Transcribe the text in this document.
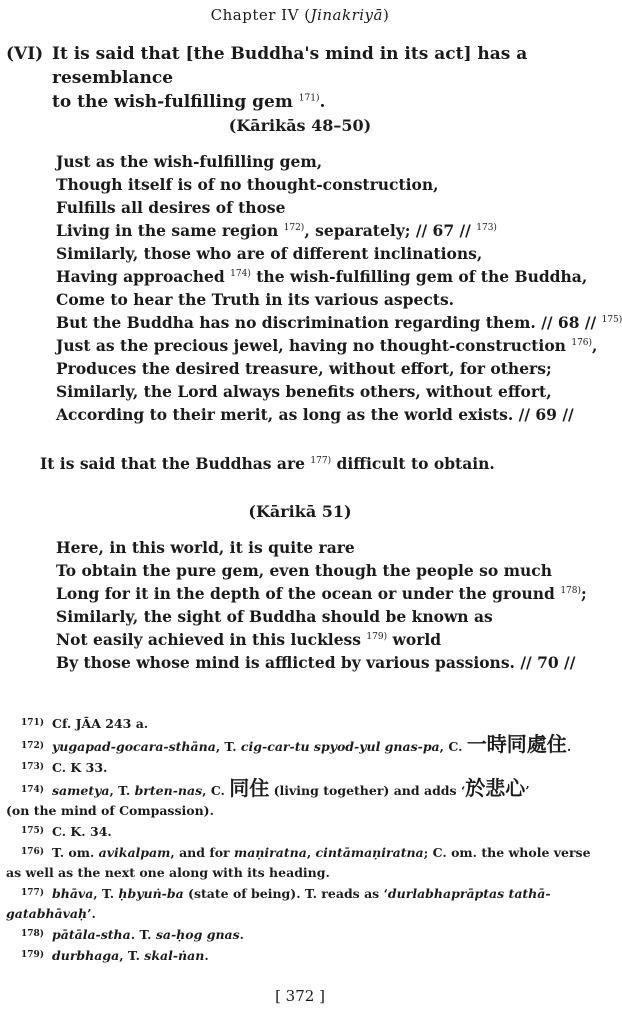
Chapter IV (Jinakriyā)
(VI) It is said that [the Buddha's mind in its act] has a resemblance
to the wish-fulfilling gem $^{171)}$.
(Kārikās 48–50)
Just as the wish-fulfilling gem,
Though itself is of no thought-construction,
Fulfills all desires of those
Living in the same region $^{172)}$, separately; // 67 // $^{173)}$
Similarly, those who are of different inclinations,
Having approached $^{174)}$ the wish-fulfilling gem of the Buddha,
Come to hear the Truth in its various aspects.
But the Buddha has no discrimination regarding them. // 68 // $^{175)}$
Just as the precious jewel, having no thought-construction $^{176)}$,
Produces the desired treasure, without effort, for others;
Similarly, the Lord always benefits others, without effort,
According to their merit, as long as the world exists. // 69 //
It is said that the Buddhas are $^{177)}$ difficult to obtain.
(Kārikā 51)
Here, in this world, it is quite rare
To obtain the pure gem, even though the people so much
Long for it in the depth of the ocean or under the ground $^{178)}$;
Similarly, the sight of Buddha should be known as
Not easily achieved in this luckless $^{179)}$ world
By those whose mind is afflicted by various passions. // 70 //
171) Cf. JĀA 243 a.
172) yugapad-gocara-sthāna, T. cig-car-tu spyod-yul gnas-pa, C. 一時同處住.
173) C. K 33.
174) sametya, T. brten-nas, C. 同住 (living together) and adds ‘於悲心’
(on the mind of Compassion).
175) C. K. 34.
176) T. om. avikalpam, and for maṇiratna, cintāmaṇiratna; C. om. the whole verse
as well as the next one along with its heading.
177) bhāva, T. ḥbyuṅ-ba (state of being). T. reads as ‘durlabhaprāptas tathā-
gatabhāvaḥ’.
178) pātāla-stha. T. sa-ḥog gnas.
179) durbhaga, T. skal-ṅan.
[ 372 ]
